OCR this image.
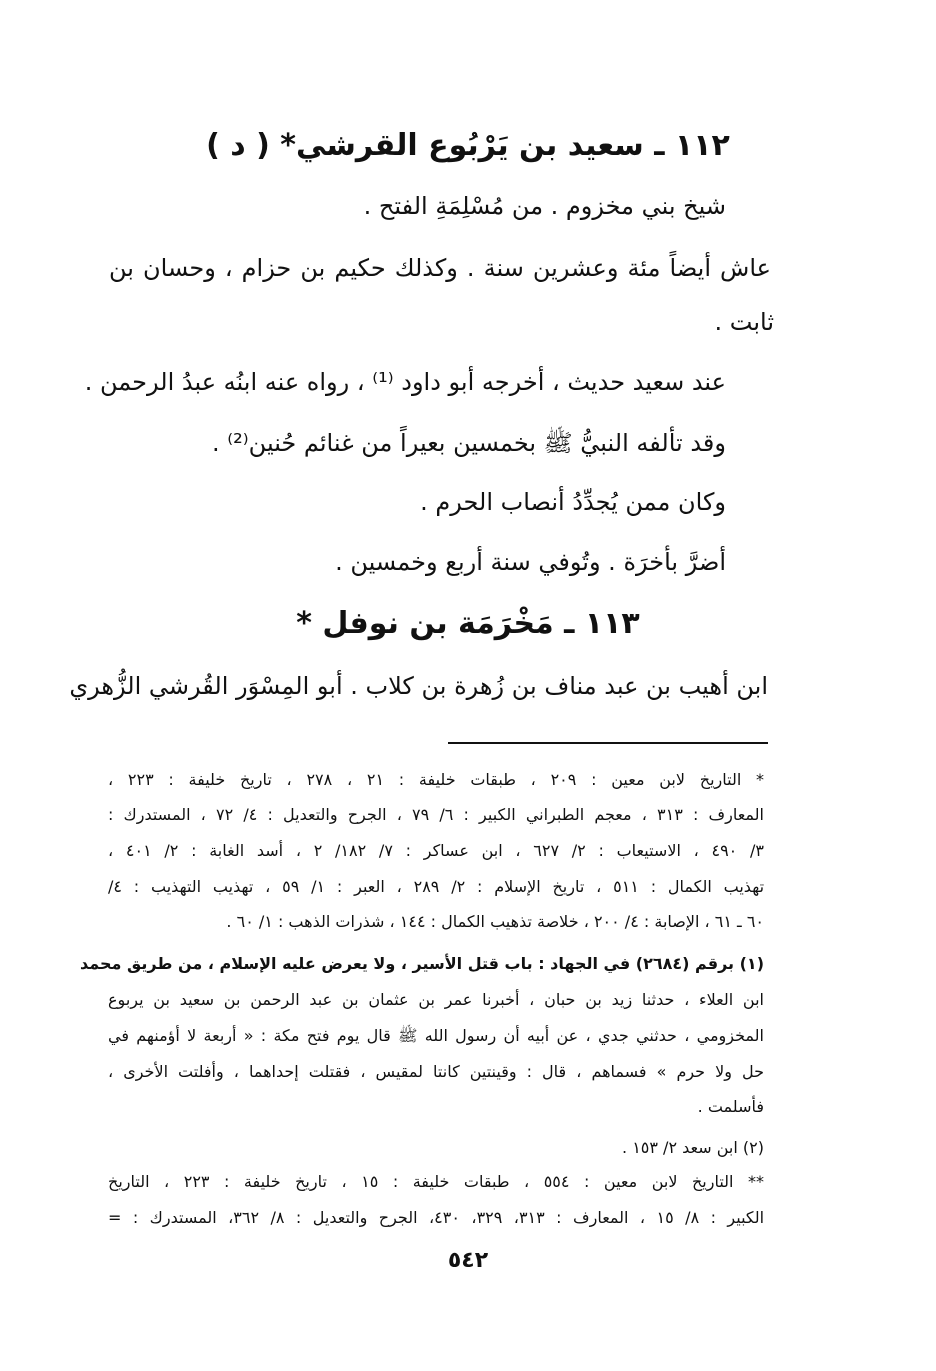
١١٢ ـ سعيد بن يَرْبُوع القرشي* ( د )
شيخ بني مخزوم . من مُسْلِمَةِ الفتح .
عاش أيضاً مئة وعشرين سنة . وكذلك حكيم بن حزام ، وحسان بن
ثابت .
عند سعيد حديث ، أخرجه أبو داود ⁽¹⁾ ، رواه عنه ابنُه عبدُ الرحمن .
وقد تألفه النبيُّ ﷺ بخمسين بعيراً من غنائم حُنين⁽²⁾ .
وكان ممن يُجدِّدُ أنصاب الحرم .
أضرَّ بأخرَة . وتُوفي سنة أربع وخمسين .
١١٣ ـ مَخْرَمَة بن نوفل *
ابن أهيب بن عبد مناف بن زُهرة بن كلاب . أبو المِسْوَر القُرشي الزُّهري
* التاريخ لابن معين : ٢٠٩ ، طبقات خليفة : ٢١ ، ٢٧٨ ، تاريخ خليفة : ٢٢٣ ،
المعارف : ٣١٣ ، معجم الطبراني الكبير : ٦/ ٧٩ ، الجرح والتعديل : ٤/ ٧٢ ، المستدرك :
٣/ ٤٩٠ ، الاستيعاب : ٢/ ٦٢٧ ، ابن عساكر : ٧/ ١٨٢/ ٢ ، أسد الغابة : ٢/ ٤٠١ ،
تهذيب الكمال : ٥١١ ، تاريخ الإسلام : ٢/ ٢٨٩ ، العبر : ١/ ٥٩ ، تهذيب التهذيب : ٤/
٦٠ ـ ٦١ ، الإصابة : ٤/ ٢٠٠ ، خلاصة تذهيب الكمال : ١٤٤ ، شذرات الذهب : ١/ ٦٠ .
(١) برقم (٢٦٨٤) في الجهاد : باب قتل الأسير ، ولا يعرض عليه الإسلام ، من طريق محمد
ابن العلاء ، حدثنا زيد بن حبان ، أخبرنا عمر بن عثمان بن عبد الرحمن بن سعيد بن يربوع
المخزومي ، حدثني جدي ، عن أبيه أن رسول الله ﷺ قال يوم فتح مكة : « أربعة لا أؤمنهم في
حل ولا حرم » فسماهم ، قال : وقينتين كانتا لمقيس ، فقتلت إحداهما ، وأفلتت الأخرى ،
فأسلمت .
(٢) ابن سعد ٢/ ١٥٣ .
** التاريخ لابن معين : ٥٥٤ ، طبقات خليفة : ١٥ ، تاريخ خليفة : ٢٢٣ ، التاريخ
الكبير : ٨/ ١٥ ، المعارف : ٣١٣، ٣٢٩، ٤٣٠، الجرح والتعديل : ٨/ ٣٦٢، المستدرك : =
٥٤٢
